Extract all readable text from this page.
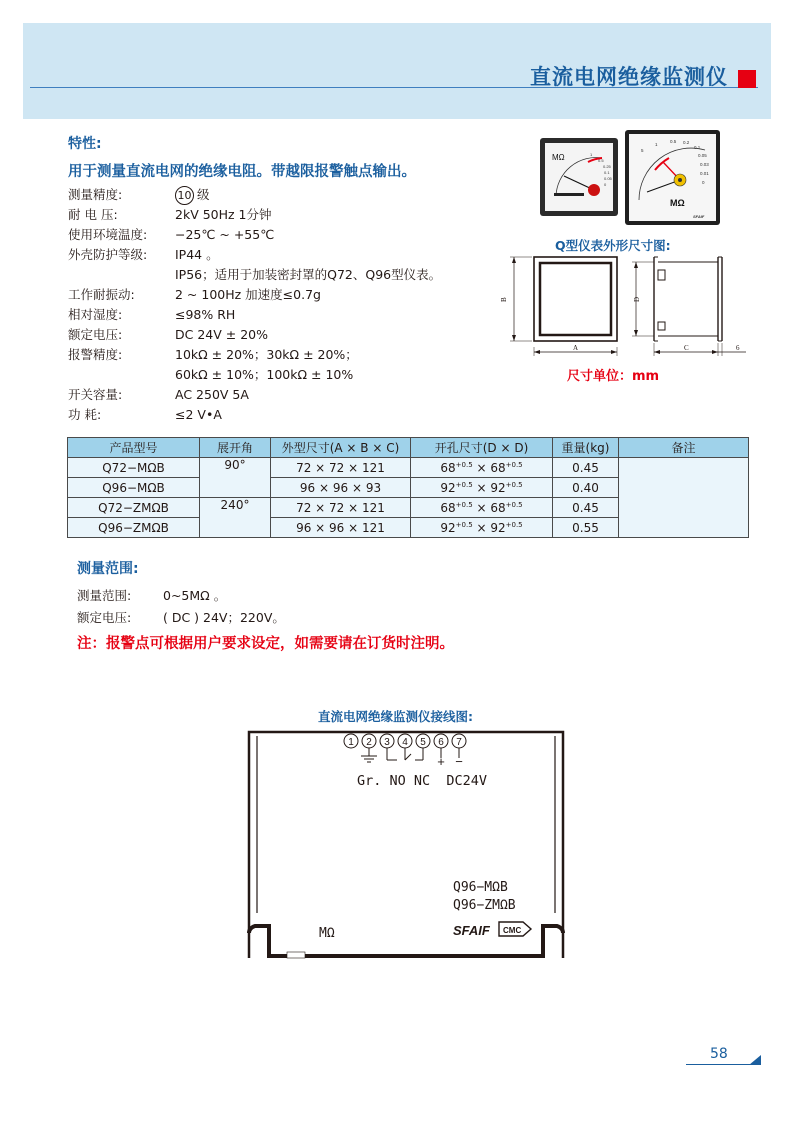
直流电网绝缘监测仪
特性:
用于测量直流电网的绝缘电阻。带越限报警触点输出。
测量精度:	10 级
耐 电 压:	2kV 50Hz 1分钟
使用环境温度:	−25℃ ~ +55℃
外壳防护等级:	IP44 。
IP56；适用于加装密封罩的Q72、Q96型仪表。
工作耐振动:	2 ~ 100Hz 加速度≤0.7g
相对湿度:	≤98% RH
额定电压:	DC 24V ± 20%
报警精度:	10kΩ ± 20%；30kΩ ± 20%；
60kΩ ± 10%；100kΩ ± 10%
开关容量:	AC 250V 5A
功 耗:	≤2 V•A
MΩ	1
0.5
0.25
0.1
0.05
0
MΩ
5
1
0.5 0.2
0.1
0.05
0.03
0.01
0
SFAIF
Q型仪表外形尺寸图:
B
A
D
C	6
尺寸单位：mm
产品型号	展开角	外型尺寸(A × B × C)	开孔尺寸(D × D)	重量(kg)	备注
Q72−MΩB	90°	72 × 72 × 121	$68^{+0.5} \times 68^{+0.5}$	0.45	
Q96−MΩB		96 × 96 × 93	$92^{+0.5} \times 92^{+0.5}$	0.40	
Q72−ZMΩB	240°	72 × 72 × 121	$68^{+0.5} \times 68^{+0.5}$	0.45	
Q96−ZMΩB		96 × 96 × 121	$92^{+0.5} \times 92^{+0.5}$	0.55	
测量范围:
测量范围:	0~5MΩ 。
额定电压:	( DC ) 24V；220V。
注：报警点可根据用户要求设定，如需要请在订货时注明。
直流电网绝缘监测仪接线图:
1 2 3 4 5 6 7
+ −
Gr. NO NC  DC24V
Q96−MΩB
Q96−ZMΩB
MΩ	SFAIF CMC
58
